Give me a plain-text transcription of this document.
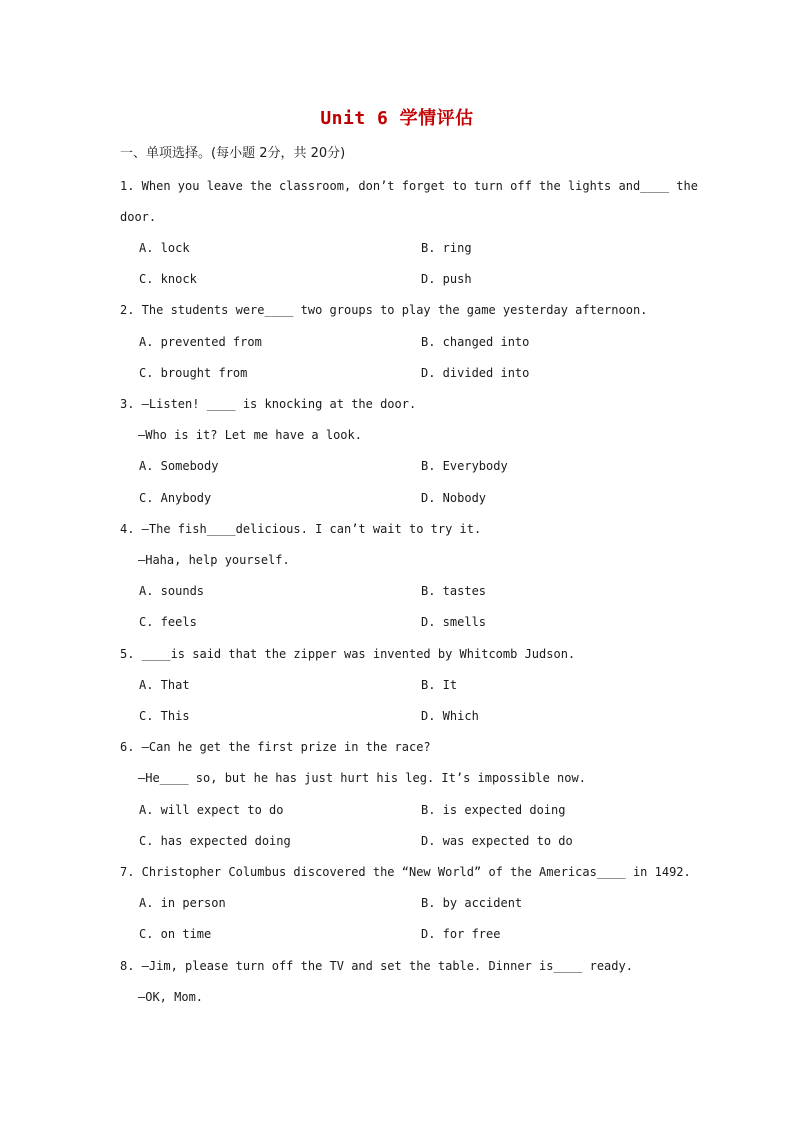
Unit 6 学情评估
一、单项选择。(每小题 2分，共 20分)
1. When you leave the classroom, don’t forget to turn off the lights and____ the
door.
A. lock	B. ring
C. knock	D. push
2. The students were____ two groups to play the game yesterday afternoon.
A. prevented from	B. changed into
C. brought from	D. divided into
3. —Listen! ____ is knocking at the door.
—Who is it? Let me have a look.
A. Somebody	B. Everybody
C. Anybody	D. Nobody
4. —The fish____delicious. I can’t wait to try it.
—Haha, help yourself.
A. sounds	B. tastes
C. feels	D. smells
5. ____is said that the zipper was invented by Whitcomb Judson.
A. That	B. It
C. This	D. Which
6. —Can he get the first prize in the race?
—He____ so, but he has just hurt his leg. It’s impossible now.
A. will expect to do	B. is expected doing
C. has expected doing	D. was expected to do
7. Christopher Columbus discovered the “New World” of the Americas____ in 1492.
A. in person	B. by accident
C. on time	D. for free
8. —Jim, please turn off the TV and set the table. Dinner is____ ready.
—OK, Mom.
